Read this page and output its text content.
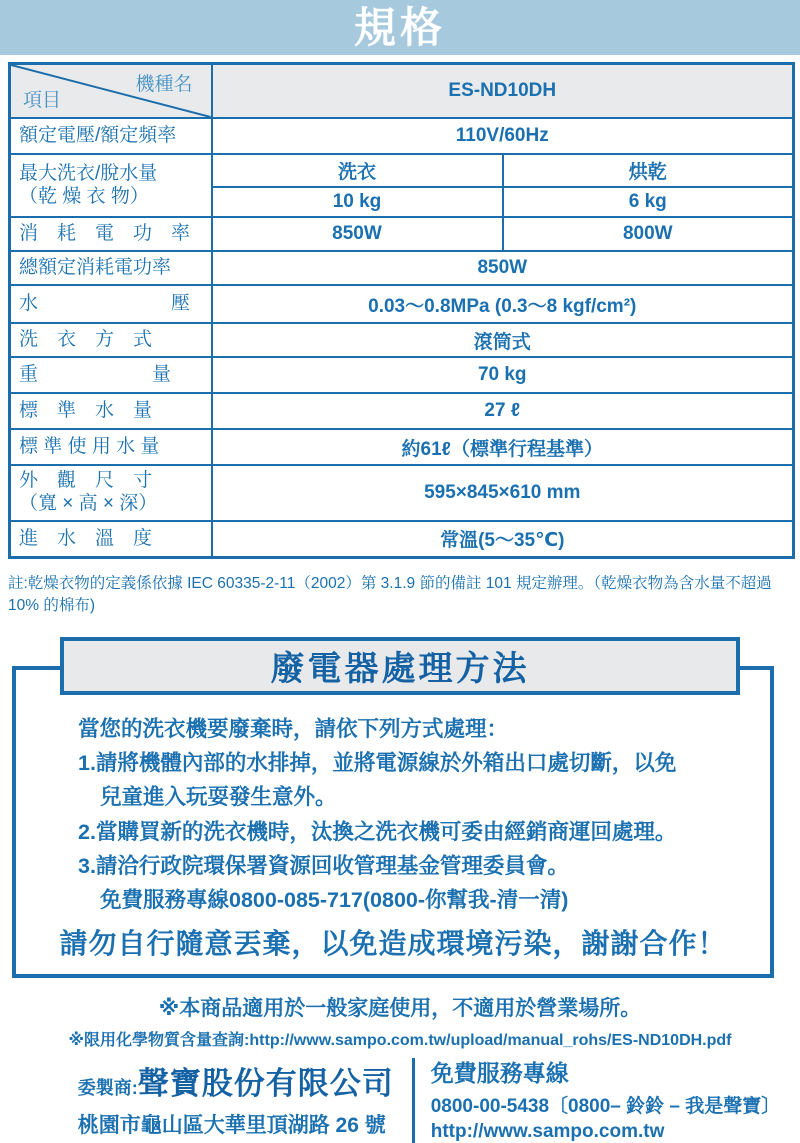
規格
機種名
項目	ES-ND10DH	
額定電壓/額定頻率	110V/60Hz	

最大洗衣/脫水量
（乾 燥 衣 物）	洗衣	烘乾
	10 kg	6 kg
消　耗　電　功　率	850W	800W
總額定消耗電功率	850W	
水　　　　　　　壓	0.03～0.8MPa (0.3～8 kgf/cm²)	
洗　衣　方　式	滾筒式	
重　　　　　　量	70 kg	
標　準　水　量	27 ℓ	
標 準 使 用 水 量	約61ℓ（標準行程基準）	

外　觀　尺　寸
（寬 × 高 × 深）	595×845×610 mm	
進　水　溫　度	常溫(5～35℃)	
註:乾燥衣物的定義係依據 IEC 60335-2-11（2002）第 3.1.9 節的備註 101 規定辦理。（乾燥衣物為含水量不超過 10% 的棉布)
廢電器處理方法
當您的洗衣機要廢棄時，請依下列方式處理：
1.請將機體內部的水排掉，並將電源線於外箱出口處切斷，以免
兒童進入玩耍發生意外。
2.當購買新的洗衣機時，汰換之洗衣機可委由經銷商運回處理。
3.請洽行政院環保署資源回收管理基金管理委員會。
免費服務專線0800-085-717(0800-你幫我-清一清)
請勿自行隨意丟棄，以免造成環境污染，謝謝合作！
※本商品適用於一般家庭使用，不適用於營業場所。
※限用化學物質含量查詢:http://www.sampo.com.tw/upload/manual_rohs/ES-ND10DH.pdf
委製商: 聲寶股份有限公司
桃園市龜山區大華里頂湖路 26 號
免費服務專線
0800-00-5438〔0800– 鈴鈴 – 我是聲寶〕
http://www.sampo.com.tw
